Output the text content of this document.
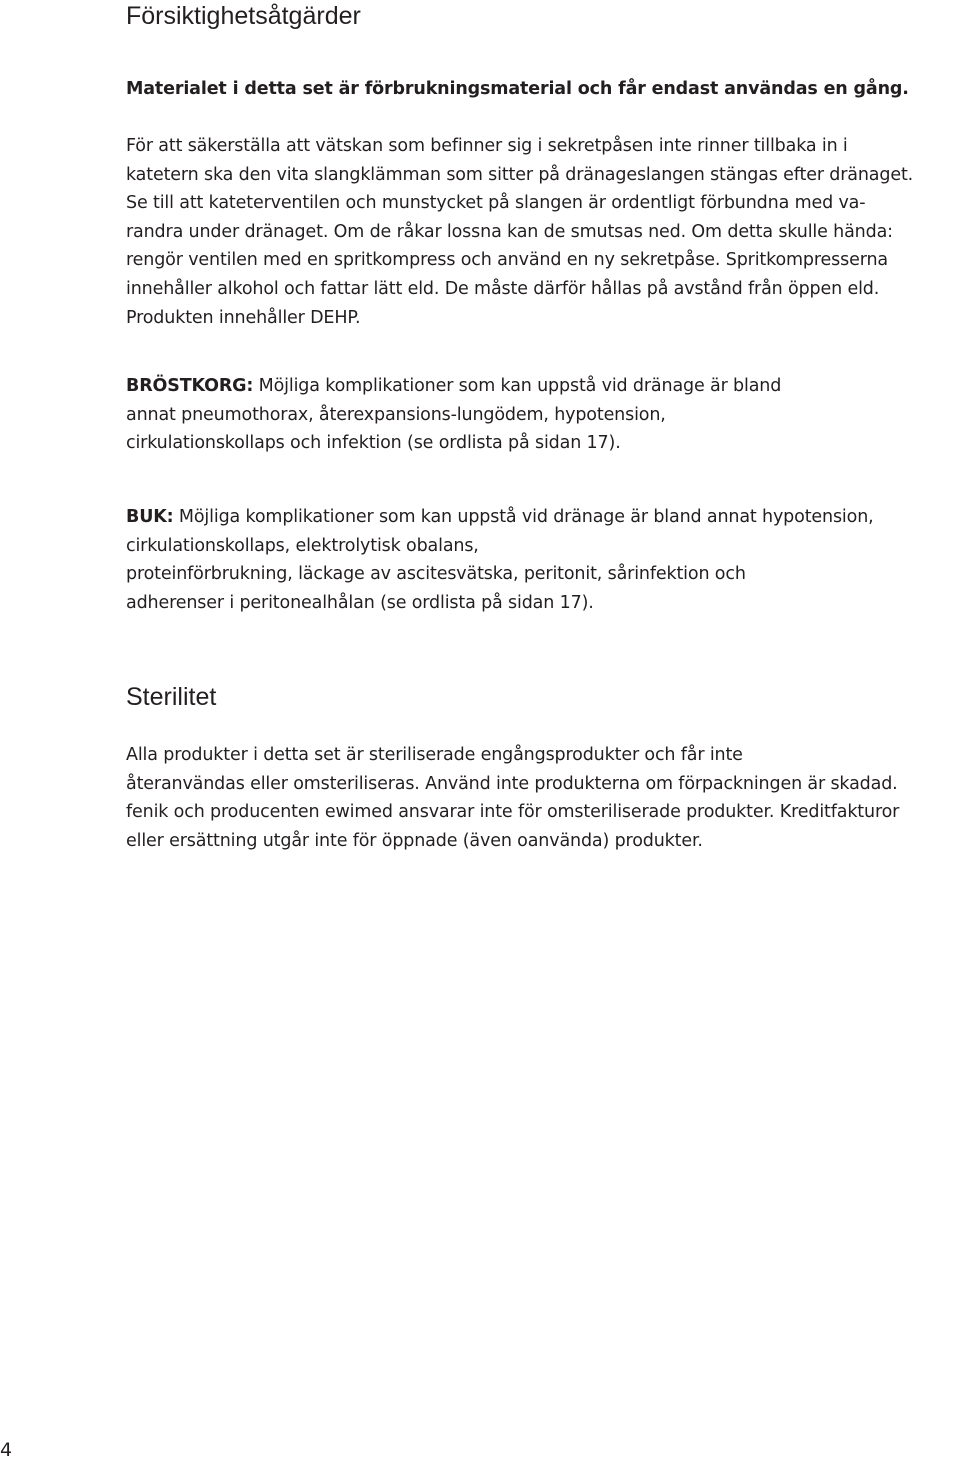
Försiktighetsåtgärder

Materialet i detta set är förbrukningsmaterial och får endast användas en gång.

För att säkerställa att vätskan som befinner sig i sekretpåsen inte rinner tillbaka in i
katetern ska den vita slangklämman som sitter på dränageslangen stängas efter dränaget.
Se till att kateterventilen och munstycket på slangen är ordentligt förbundna med va-
randra under dränaget. Om de råkar lossna kan de smutsas ned. Om detta skulle hända:
rengör ventilen med en spritkompress och använd en ny sekretpåse. Spritkompresserna
innehåller alkohol och fattar lätt eld. De måste därför hållas på avstånd från öppen eld.
Produkten innehåller DEHP.

BRÖSTKORG: Möjliga komplikationer som kan uppstå vid dränage är bland
annat pneumothorax, återexpansions-lungödem, hypotension,
cirkulationskollaps och infektion (se ordlista på sidan 17).

BUK: Möjliga komplikationer som kan uppstå vid dränage är bland annat hypotension,
cirkulationskollaps, elektrolytisk obalans,
proteinförbrukning, läckage av ascitesvätska, peritonit, sårinfektion och
adherenser i peritonealhålan (se ordlista på sidan 17).

Sterilitet

Alla produkter i detta set är steriliserade engångsprodukter och får inte
återanvändas eller omsteriliseras. Använd inte produkterna om förpackningen är skadad.
fenik och producenten ewimed ansvarar inte för omsteriliserade produkter. Kreditfakturor
eller ersättning utgår inte för öppnade (även oanvända) produkter.

4
